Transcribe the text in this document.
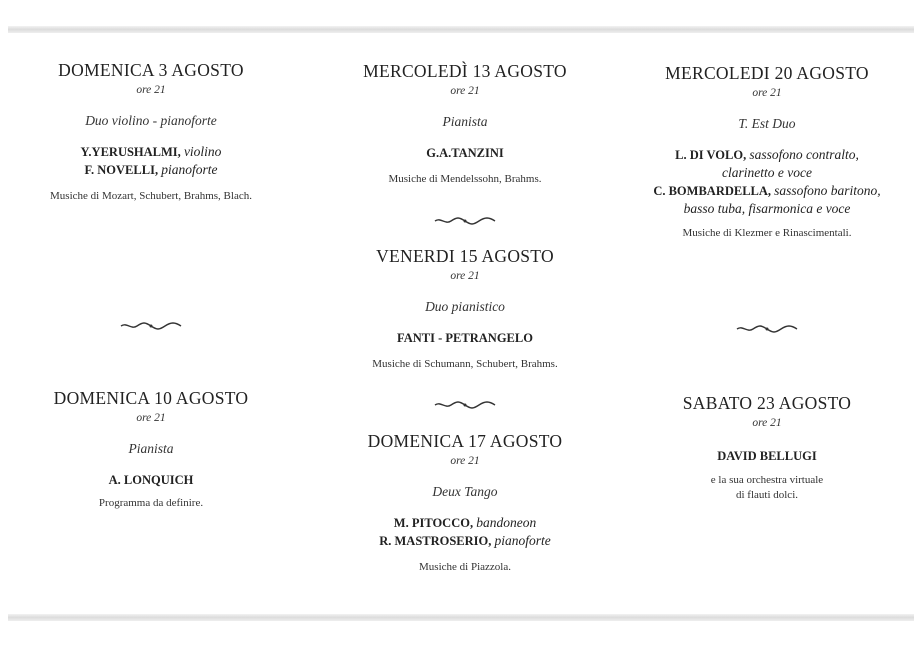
DOMENICA 3 AGOSTO
ore 21
Duo violino - pianoforte
Y.YERUSHALMI, violino
F. NOVELLI, pianoforte
Musiche di Mozart, Schubert, Brahms, Blach.
DOMENICA 10 AGOSTO
ore 21
Pianista
A. LONQUICH
Programma da definire.
MERCOLEDÌ 13 AGOSTO
ore 21
Pianista
G.A.TANZINI
Musiche di Mendelssohn, Brahms.
VENERDI 15 AGOSTO
ore 21
Duo pianistico
FANTI - PETRANGELO
Musiche di Schumann, Schubert, Brahms.
DOMENICA 17 AGOSTO
ore 21
Deux Tango
M. PITOCCO, bandoneon
R. MASTROSERIO, pianoforte
Musiche di Piazzola.
MERCOLEDI 20 AGOSTO
ore 21
T. Est Duo
L. DI VOLO, sassofono contralto,
clarinetto e voce
C. BOMBARDELLA, sassofono baritono,
basso tuba, fisarmonica e voce
Musiche di Klezmer e Rinascimentali.
SABATO 23 AGOSTO
ore 21
DAVID BELLUGI
e la sua orchestra virtuale
di flauti dolci.
